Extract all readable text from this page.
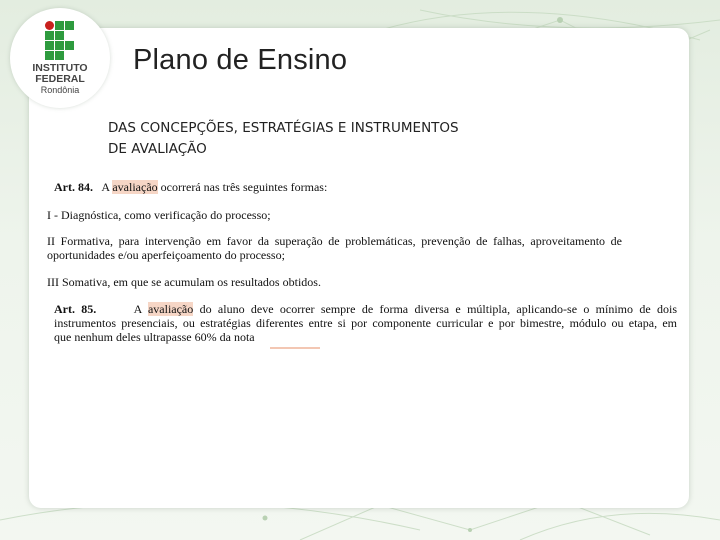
INSTITUTO
FEDERAL
Rondônia
Plano de Ensino
DAS CONCEPÇÕES, ESTRATÉGIAS E INSTRUMENTOS
DE AVALIAÇÃO
Art. 84. A avaliação ocorrerá nas três seguintes formas:
I - Diagnóstica, como verificação do processo;
II Formativa, para intervenção em favor da superação de problemáticas, prevenção de falhas, aproveitamento de
oportunidades e/ou aperfeiçoamento do processo;
III Somativa, em que se acumulam os resultados obtidos.
Art. 85.	A avaliação do aluno deve ocorrer sempre de forma diversa e múltipla, aplicando-se o mínimo de dois
instrumentos presenciais, ou estratégias diferentes entre si por componente curricular e por bimestre, módulo ou etapa, em
que nenhum deles ultrapasse 60% da nota
